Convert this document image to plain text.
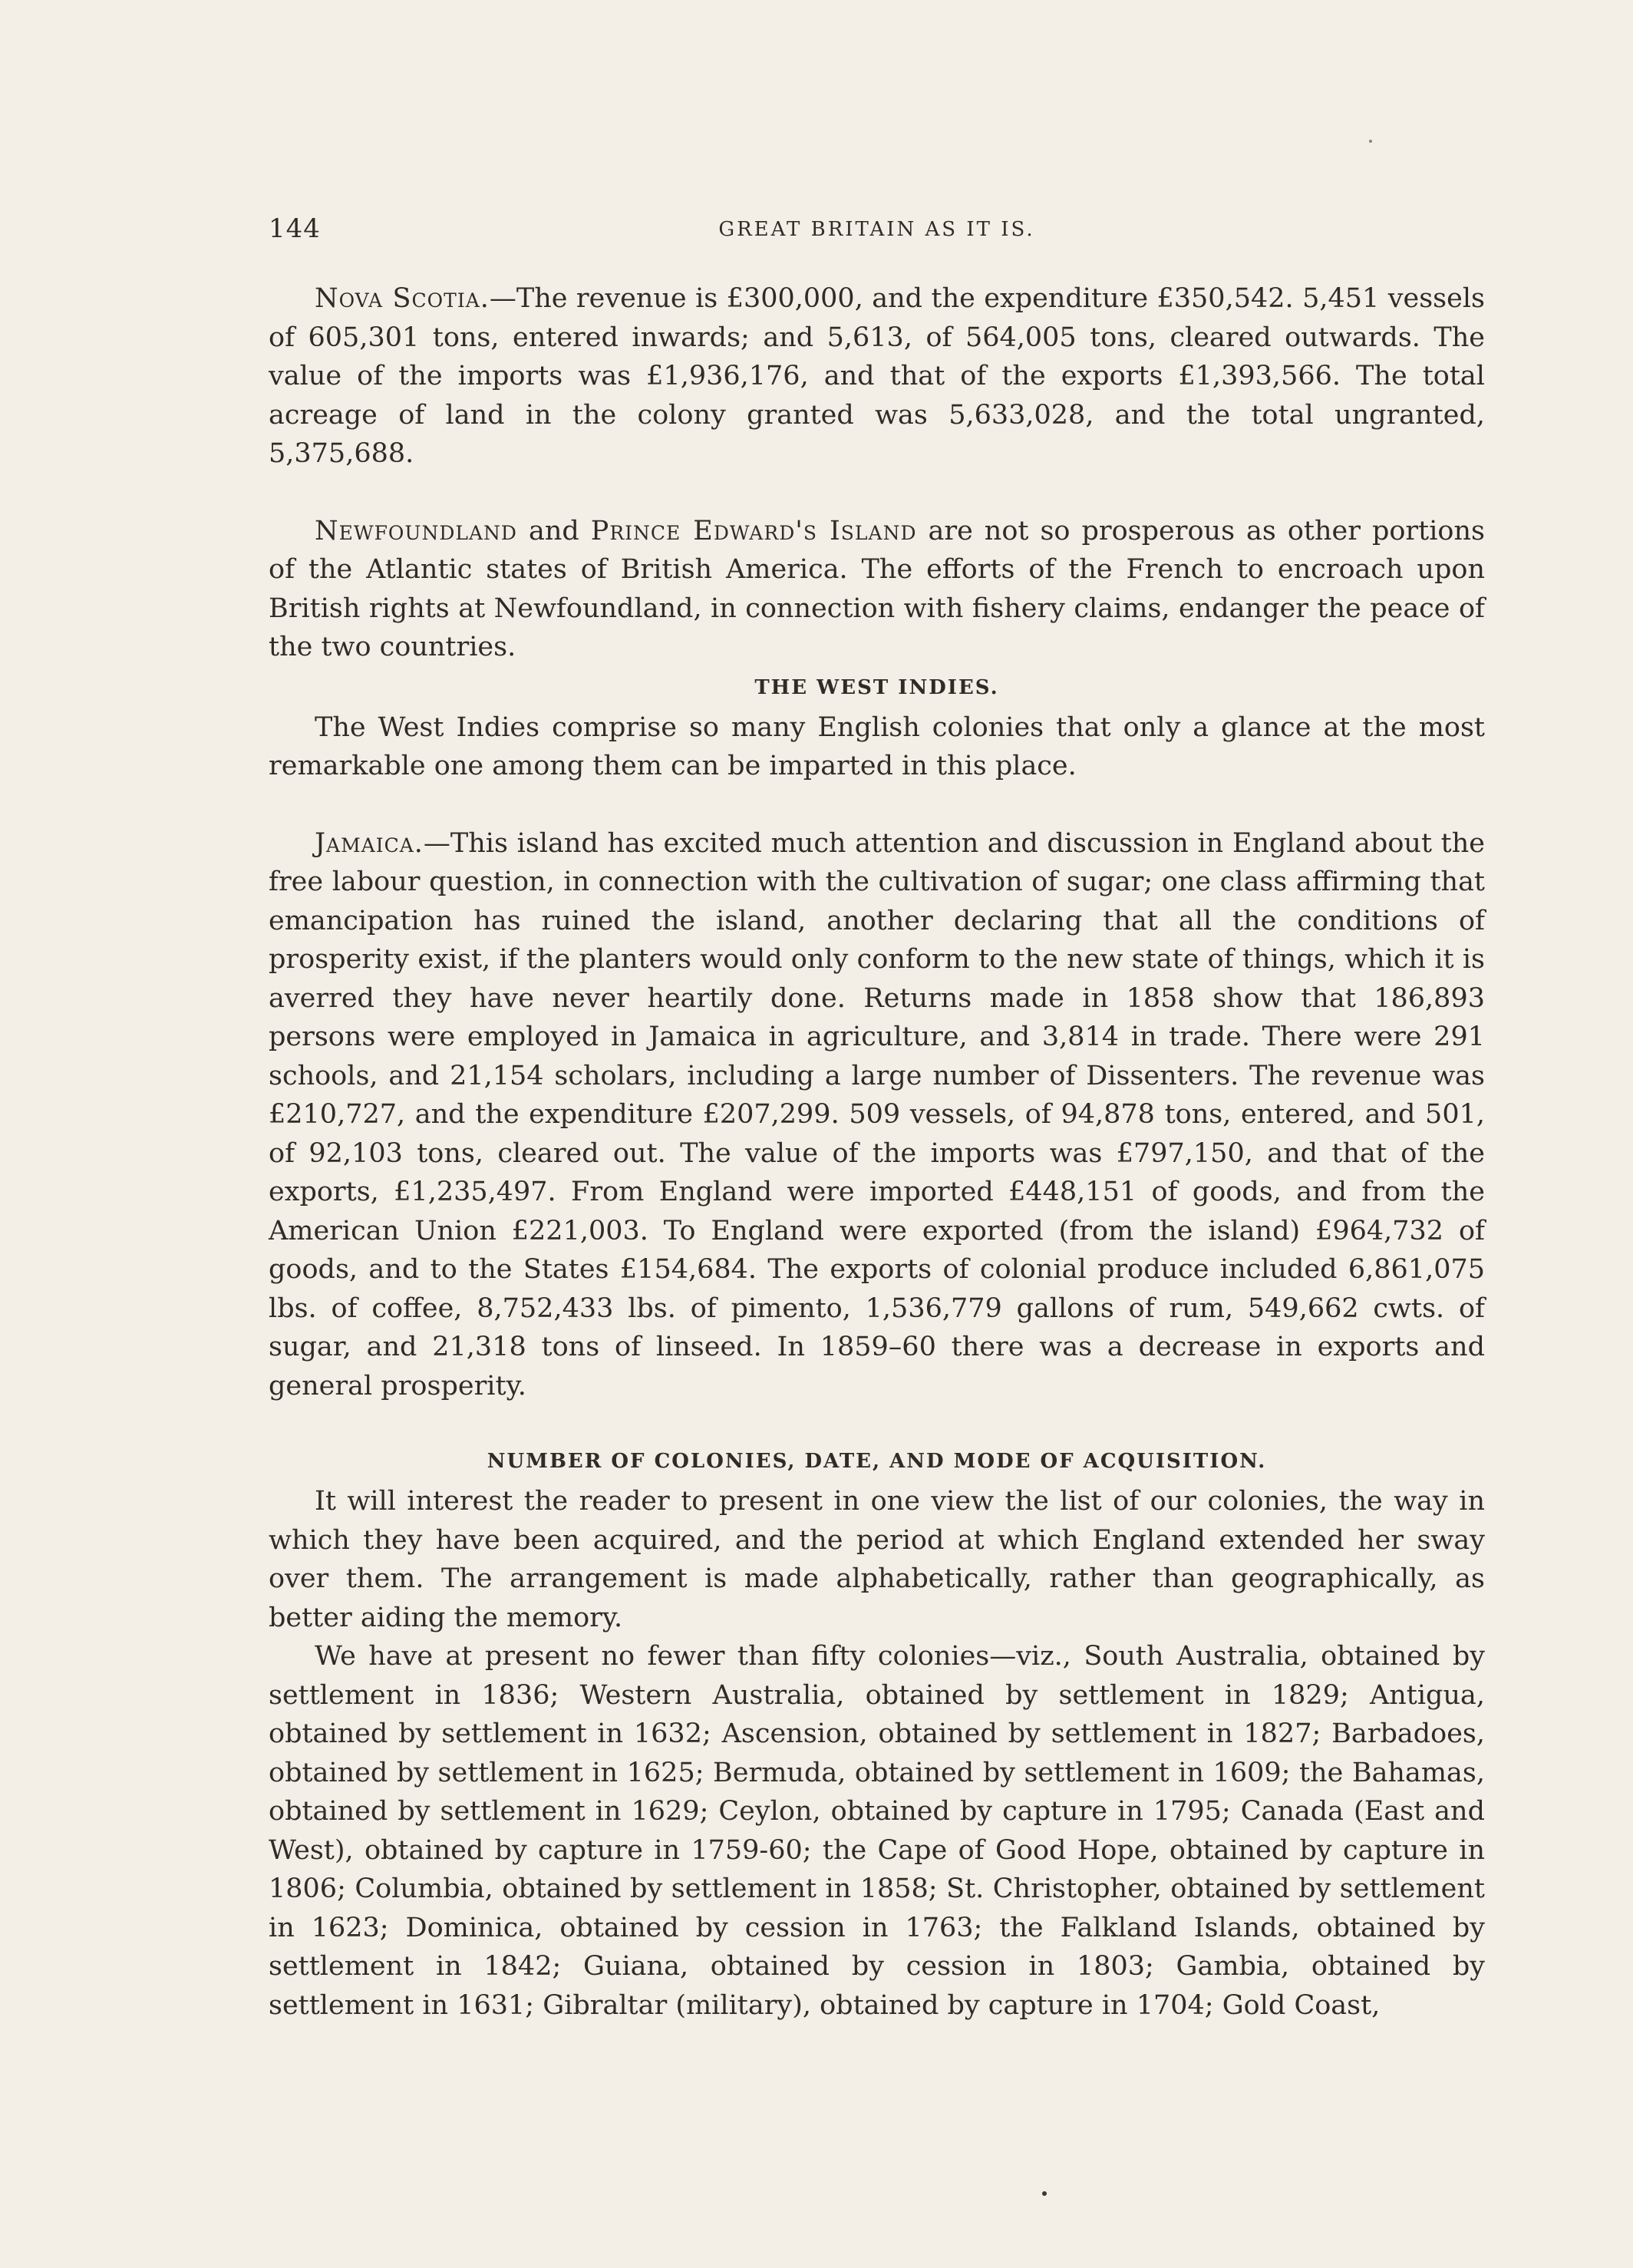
144	GREAT BRITAIN AS IT IS.

Nova Scotia.—The revenue is £300,000, and the expenditure £350,542. 5,451 vessels of 605,301 tons, entered inwards; and 5,613, of 564,005 tons, cleared outwards. The value of the imports was £1,936,176, and that of the exports £1,393,566. The total acreage of land in the colony granted was 5,633,028, and the total ungranted, 5,375,688.

Newfoundland and Prince Edward's Island are not so prosperous as other portions of the Atlantic states of British America. The efforts of the French to encroach upon British rights at Newfoundland, in connection with fishery claims, endanger the peace of the two countries.

THE WEST INDIES.

The West Indies comprise so many English colonies that only a glance at the most remarkable one among them can be imparted in this place.

Jamaica.—This island has excited much attention and discussion in England about the free labour question, in connection with the cultivation of sugar; one class affirming that emancipation has ruined the island, another declaring that all the conditions of prosperity exist, if the planters would only conform to the new state of things, which it is averred they have never heartily done. Returns made in 1858 show that 186,893 persons were employed in Jamaica in agriculture, and 3,814 in trade. There were 291 schools, and 21,154 scholars, including a large number of Dissenters. The revenue was £210,727, and the expenditure £207,299. 509 vessels, of 94,878 tons, entered, and 501, of 92,103 tons, cleared out. The value of the imports was £797,150, and that of the exports, £1,235,497. From England were imported £448,151 of goods, and from the American Union £221,003. To England were exported (from the island) £964,732 of goods, and to the States £154,684. The exports of colonial produce included 6,861,075 lbs. of coffee, 8,752,433 lbs. of pimento, 1,536,779 gallons of rum, 549,662 cwts. of sugar, and 21,318 tons of linseed. In 1859–60 there was a decrease in exports and general prosperity.

NUMBER OF COLONIES, DATE, AND MODE OF ACQUISITION.

It will interest the reader to present in one view the list of our colonies, the way in which they have been acquired, and the period at which England extended her sway over them. The arrangement is made alphabetically, rather than geographically, as better aiding the memory.

We have at present no fewer than fifty colonies—viz., South Australia, obtained by settlement in 1836; Western Australia, obtained by settlement in 1829; Antigua, obtained by settlement in 1632; Ascension, obtained by settlement in 1827; Barbadoes, obtained by settlement in 1625; Bermuda, obtained by settlement in 1609; the Bahamas, obtained by settlement in 1629; Ceylon, obtained by capture in 1795; Canada (East and West), obtained by capture in 1759-60; the Cape of Good Hope, obtained by capture in 1806; Columbia, obtained by settlement in 1858; St. Christopher, obtained by settlement in 1623; Dominica, obtained by cession in 1763; the Falkland Islands, obtained by settlement in 1842; Guiana, obtained by cession in 1803; Gambia, obtained by settlement in 1631; Gibraltar (military), obtained by capture in 1704; Gold Coast,
